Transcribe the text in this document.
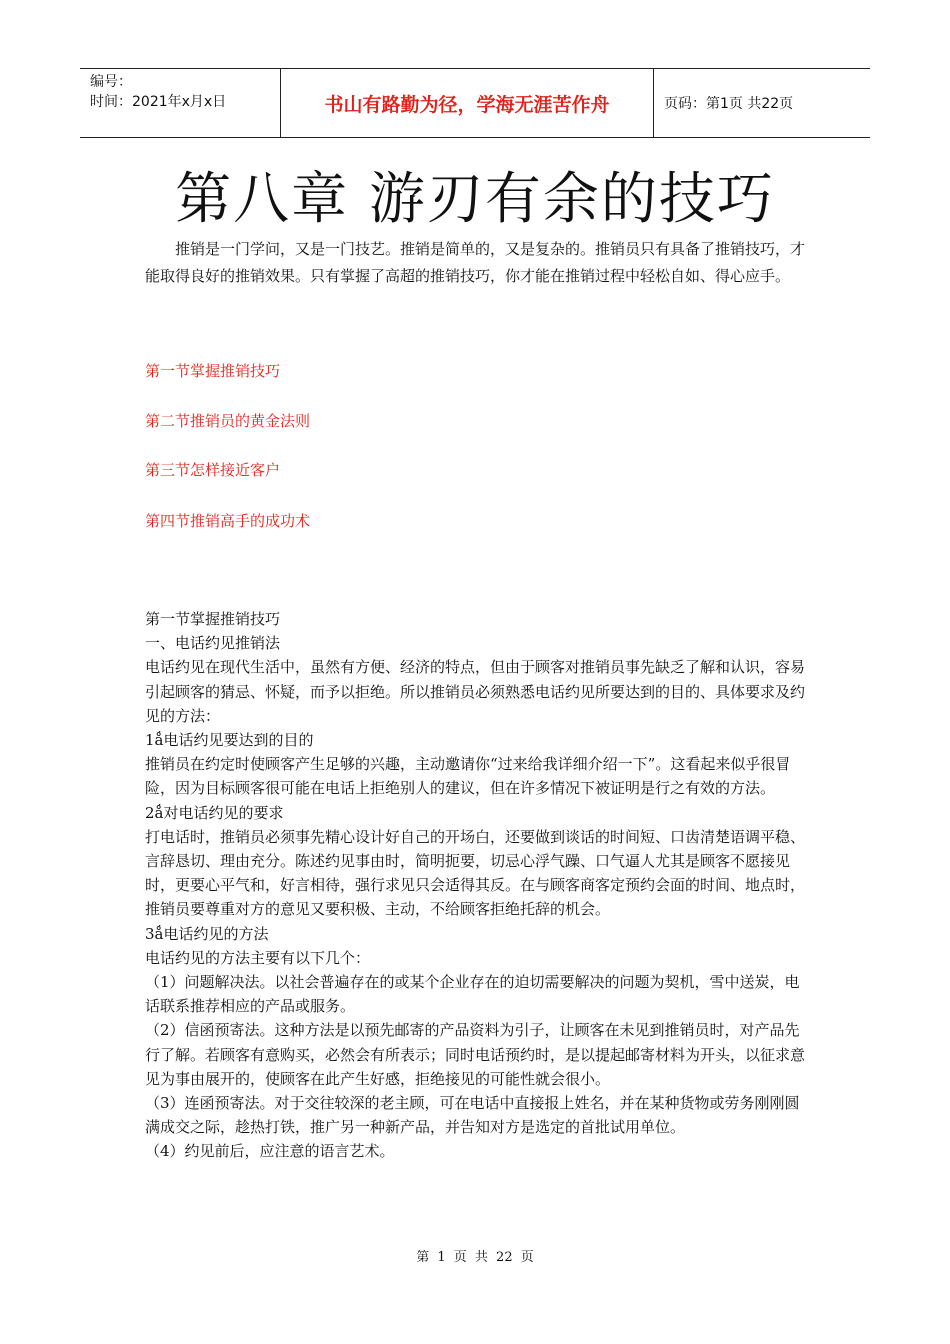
编号：
时间：2021年x月x日	书山有路勤为径，学海无涯苦作舟	页码：第1页 共22页
第八章 游刃有余的技巧
推销是一门学问，又是一门技艺。推销是简单的，又是复杂的。推销员只有具备了推销技巧，才能取得良好的推销效果。只有掌握了高超的推销技巧，你才能在推销过程中轻松自如、得心应手。
第一节掌握推销技巧
第二节推销员的黄金法则
第三节怎样接近客户
第四节推销高手的成功术

第一节掌握推销技巧

一、电话约见推销法

电话约见在现代生活中，虽然有方便、经济的特点，但由于顾客对推销员事先缺乏了解和认识，容易引起顾客的猜忌、怀疑，而予以拒绝。所以推销员必须熟悉电话约见所要达到的目的、具体要求及约见的方法：

1ǻ电话约见要达到的目的

推销员在约定时使顾客产生足够的兴趣，主动邀请你“过来给我详细介绍一下”。这看起来似乎很冒险，因为目标顾客很可能在电话上拒绝别人的建议，但在许多情况下被证明是行之有效的方法。

2ǻ对电话约见的要求

打电话时，推销员必须事先精心设计好自己的开场白，还要做到谈话的时间短、口齿清楚语调平稳、言辞恳切、理由充分。陈述约见事由时，简明扼要，切忌心浮气躁、口气逼人尤其是顾客不愿接见时，更要心平气和，好言相待，强行求见只会适得其反。在与顾客商客定预约会面的时间、地点时，推销员要尊重对方的意见又要积极、主动，不给顾客拒绝托辞的机会。

3ǻ电话约见的方法

电话约见的方法主要有以下几个：

（1）问题解决法。以社会普遍存在的或某个企业存在的迫切需要解决的问题为契机，雪中送炭，电话联系推荐相应的产品或服务。

（2）信函预寄法。这种方法是以预先邮寄的产品资料为引子，让顾客在未见到推销员时，对产品先行了解。若顾客有意购买，必然会有所表示；同时电话预约时，是以提起邮寄材料为开头，以征求意见为事由展开的，使顾客在此产生好感，拒绝接见的可能性就会很小。

（3）连函预寄法。对于交往较深的老主顾，可在电话中直接报上姓名，并在某种货物或劳务刚刚圆满成交之际，趁热打铁，推广另一种新产品，并告知对方是选定的首批试用单位。

（4）约见前后，应注意的语言艺术。

第 1 页 共 22 页
